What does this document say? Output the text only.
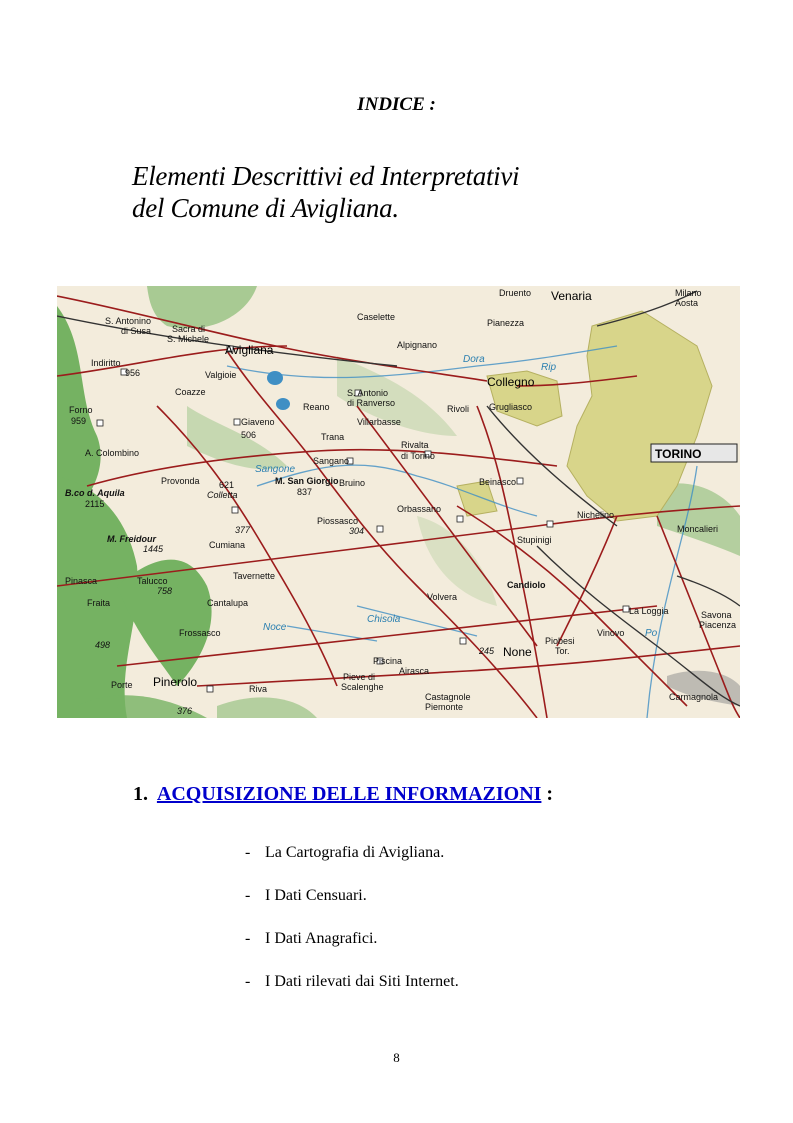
INDICE :
Elementi Descrittivi ed Interpretativi
del Comune di Avigliana.
S. Antonino
di Susa Sacra di
S. Michele
Avigliana
Indiritto
956	Valgioie
Coazze
Forno
959	Giaveno
506
A. Colombino
Provonda
B.co d. Aquila
2115
Colletta
621	M. San Giorgio
837
M. Freidour
1445	Cumiana
377
Tavernette
Talucco
758
Cantalupa
Pinasca
Fraita
Frossasco
Pinerolo
Porte	Riva
Caselette
Alpignano
Druento Venaria
Pianezza
Collegno
Grugliasco
Rivoli
S. Antonio
di Ranverso
Villarbasse
Reano
Trana
Sangano
Bruino
Rivalta
di Torino
Beinasco
Orbassano
Piossasco
304
TORINO
Nichelino
Moncalieri
Stupinigi
Candiolo
Volvera
La Loggia
Vinovo
Piobesi
Tor.
None
245
Airasca
Piscina
Pieve di
Scalenghe
Castagnole
Piemonte
Carmagnola
Savona
Piacenza
Milano
Aosta
498
376
Dora
Rip
Sangone
Chisola
Noce
Po
1. ACQUISIZIONE DELLE INFORMAZIONI :
- La Cartografia di Avigliana.
- I Dati Censuari.
- I Dati Anagrafici.
- I Dati rilevati dai Siti Internet.
8
